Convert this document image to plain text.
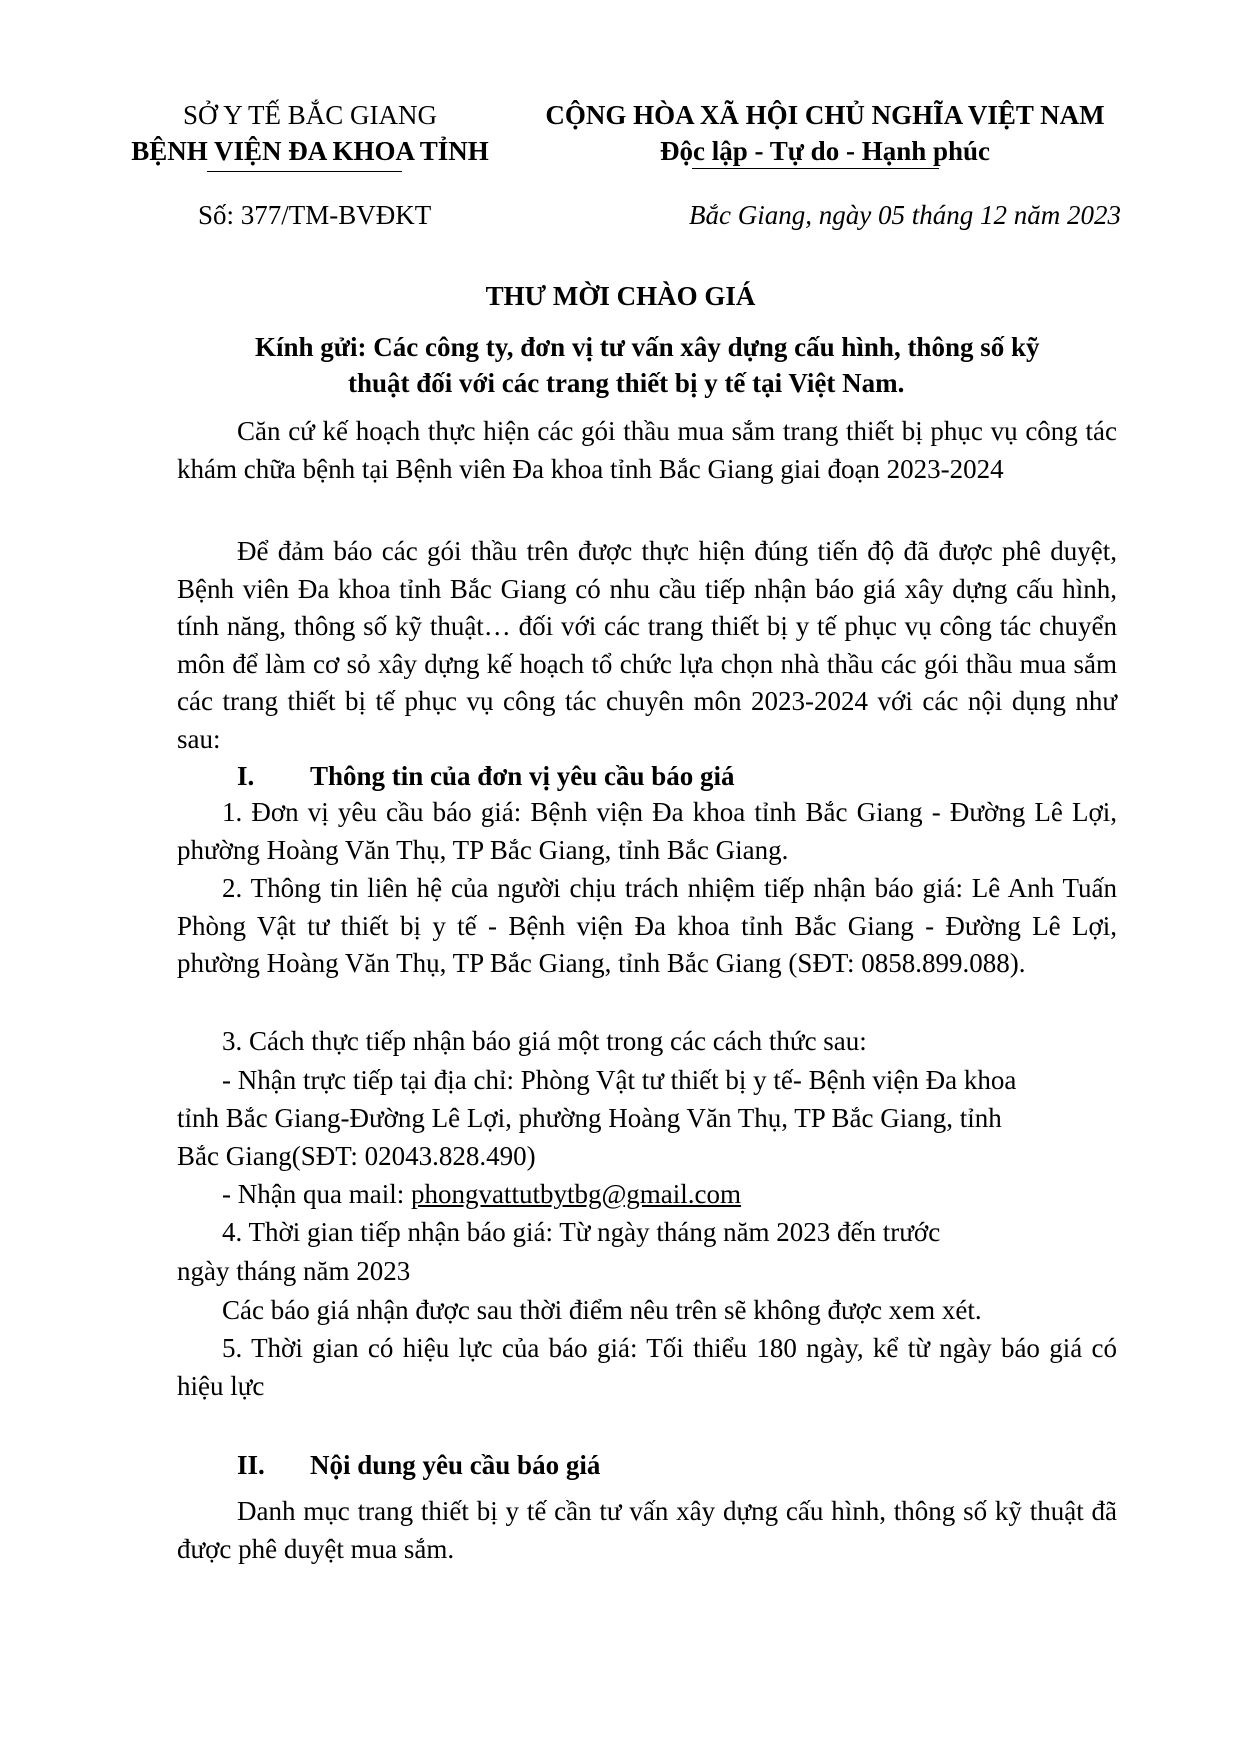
SỞ Y TẾ BẮC GIANG
BỆNH VIỆN ĐA KHOA TỈNH
CỘNG HÒA XÃ HỘI CHỦ NGHĨA VIỆT NAM
Độc lập - Tự do - Hạnh phúc
Số: 377/TM-BVĐKT	Bắc Giang, ngày 05 tháng 12 năm 2023
THƯ MỜI CHÀO GIÁ
Kính gửi: Các công ty, đơn vị tư vấn xây dựng cấu hình, thông số kỹ
thuật đối với các trang thiết bị y tế tại Việt Nam.
Căn cứ kế hoạch thực hiện các gói thầu mua sắm trang thiết bị phục vụ công tác khám chữa bệnh tại Bệnh viên Đa khoa tỉnh Bắc Giang giai đoạn 2023-2024
Để đảm báo các gói thầu trên được thực hiện đúng tiến độ đã được phê duyệt, Bệnh viên Đa khoa tỉnh Bắc Giang có nhu cầu tiếp nhận báo giá xây dựng cấu hình, tính năng, thông số kỹ thuật… đối với các trang thiết bị y tế phục vụ công tác chuyển môn để làm cơ sỏ xây dựng kế hoạch tổ chức lựa chọn nhà thầu các gói thầu mua sắm các trang thiết bị tế phục vụ công tác chuyên môn 2023-2024 với các nội dụng như sau:
I. Thông tin của đơn vị yêu cầu báo giá
1. Đơn vị yêu cầu báo giá: Bệnh viện Đa khoa tỉnh Bắc Giang - Đường Lê Lợi, phường Hoàng Văn Thụ, TP Bắc Giang, tỉnh Bắc Giang.
2. Thông tin liên hệ của người chịu trách nhiệm tiếp nhận báo giá: Lê Anh Tuấn Phòng Vật tư thiết bị y tế - Bệnh viện Đa khoa tỉnh Bắc Giang - Đường Lê Lợi, phường Hoàng Văn Thụ, TP Bắc Giang, tỉnh Bắc Giang (SĐT: 0858.899.088).
3. Cách thực tiếp nhận báo giá một trong các cách thức sau:
- Nhận trực tiếp tại địa chỉ: Phòng Vật tư thiết bị y tế- Bệnh viện Đa khoa
tỉnh Bắc Giang-Đường Lê Lợi, phường Hoàng Văn Thụ, TP Bắc Giang, tỉnh
Bắc Giang(SĐT: 02043.828.490)
- Nhận qua mail: phongvattutbytbg@gmail.com
4. Thời gian tiếp nhận báo giá: Từ ngày tháng năm 2023 đến trước
ngày tháng năm 2023
Các báo giá nhận được sau thời điểm nêu trên sẽ không được xem xét.
5. Thời gian có hiệu lực của báo giá: Tối thiểu 180 ngày, kể từ ngày báo giá có hiệu lực
II. Nội dung yêu cầu báo giá
Danh mục trang thiết bị y tế cần tư vấn xây dựng cấu hình, thông số kỹ thuật đã được phê duyệt mua sắm.
